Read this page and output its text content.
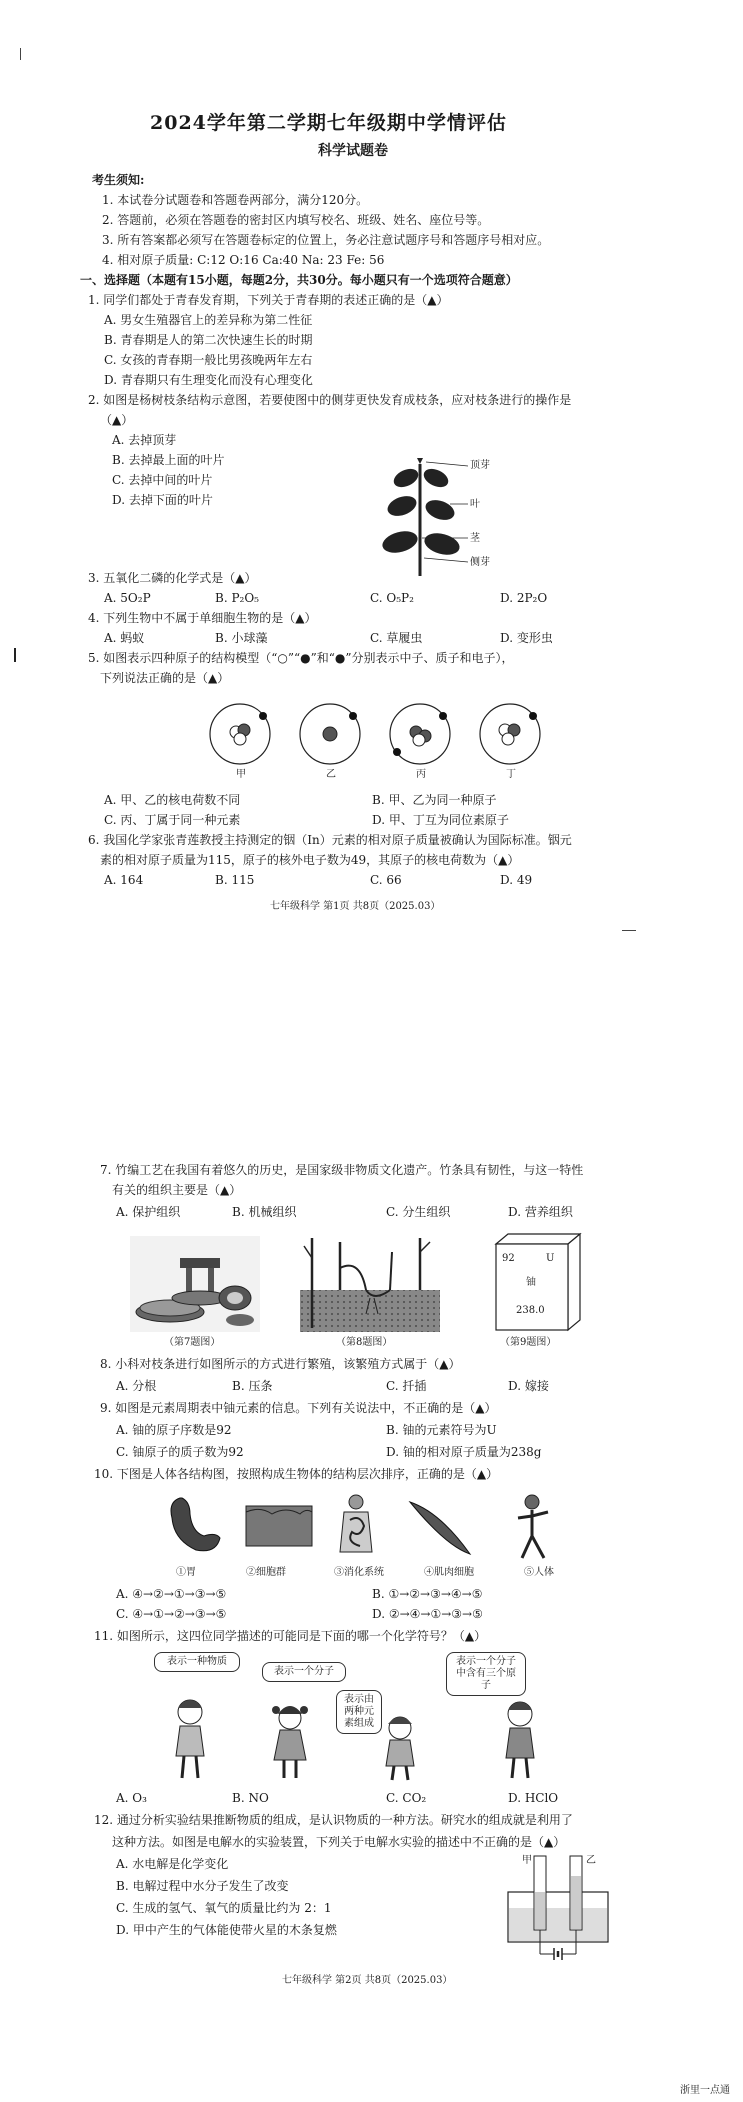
2024学年第二学期七年级期中学情评估
科学试题卷
考生须知:
1. 本试卷分试题卷和答题卷两部分，满分120分。
2. 答题前，必须在答题卷的密封区内填写校名、班级、姓名、座位号等。
3. 所有答案都必须写在答题卷标定的位置上，务必注意试题序号和答题序号相对应。
4. 相对原子质量: C:12 O:16 Ca:40 Na: 23 Fe: 56
一、选择题（本题有15小题，每题2分，共30分。每小题只有一个选项符合题意）
1. 同学们都处于青春发育期，下列关于青春期的表述正确的是（▲）
A. 男女生殖器官上的差异称为第二性征
B. 青春期是人的第二次快速生长的时期
C. 女孩的青春期一般比男孩晚两年左右
D. 青春期只有生理变化而没有心理变化
2. 如图是杨树枝条结构示意图，若要使图中的侧芽更快发育成枝条，应对枝条进行的操作是
（▲）
A. 去掉顶芽
B. 去掉最上面的叶片
C. 去掉中间的叶片
D. 去掉下面的叶片
顶芽
叶
茎
侧芽
3. 五氧化二磷的化学式是（▲）
A. 5O₂P	B. P₂O₅	C. O₅P₂	D. 2P₂O
4. 下列生物中不属于单细胞生物的是（▲）
A. 蚂蚁	B. 小球藻	C. 草履虫	D. 变形虫
5. 如图表示四种原子的结构模型（“○”“●”和“●”分别表示中子、质子和电子），
下列说法正确的是（▲）
甲	乙	丙	丁
A. 甲、乙的核电荷数不同	B. 甲、乙为同一种原子
C. 丙、丁属于同一种元素	D. 甲、丁互为同位素原子
6. 我国化学家张青莲教授主持测定的铟（In）元素的相对原子质量被确认为国际标准。铟元
素的相对原子质量为115，原子的核外电子数为49，其原子的核电荷数为（▲）
A. 164	B. 115	C. 66	D. 49
七年级科学 第1页 共8页（2025.03）
7. 竹编工艺在我国有着悠久的历史，是国家级非物质文化遗产。竹条具有韧性，与这一特性
有关的组织主要是（▲）
A. 保护组织	B. 机械组织	C. 分生组织	D. 营养组织
（第7题图）	（第8题图）
92	U
铀
238.0
（第9题图）
8. 小科对枝条进行如图所示的方式进行繁殖，该繁殖方式属于（▲）
A. 分根	B. 压条	C. 扦插	D. 嫁接
9. 如图是元素周期表中铀元素的信息。下列有关说法中，不正确的是（▲）
A. 铀的原子序数是92	B. 铀的元素符号为U
C. 铀原子的质子数为92	D. 铀的相对原子质量为238g
10. 下图是人体各结构图，按照构成生物体的结构层次排序，正确的是（▲）
①胃	②细胞群	③消化系统	④肌肉细胞	⑤人体
A. ④→②→①→③→⑤	B. ①→②→③→④→⑤
C. ④→①→②→③→⑤	D. ②→④→①→③→⑤
11. 如图所示，这四位同学描述的可能同是下面的哪一个化学符号？（▲）
表示一种物质
表示一个分子
表示由两种元素组成
表示一个分子中含有三个原子
A. O₃	B. NO	C. CO₂	D. HClO
12. 通过分析实验结果推断物质的组成，是认识物质的一种方法。研究水的组成就是利用了
这种方法。如图是电解水的实验装置，下列关于电解水实验的描述中不正确的是（▲）
A. 水电解是化学变化
B. 电解过程中水分子发生了改变
C. 生成的氢气、氧气的质量比约为 2：1
D. 甲中产生的气体能使带火星的木条复燃
甲	乙
七年级科学 第2页 共8页（2025.03）
浙里一点通
